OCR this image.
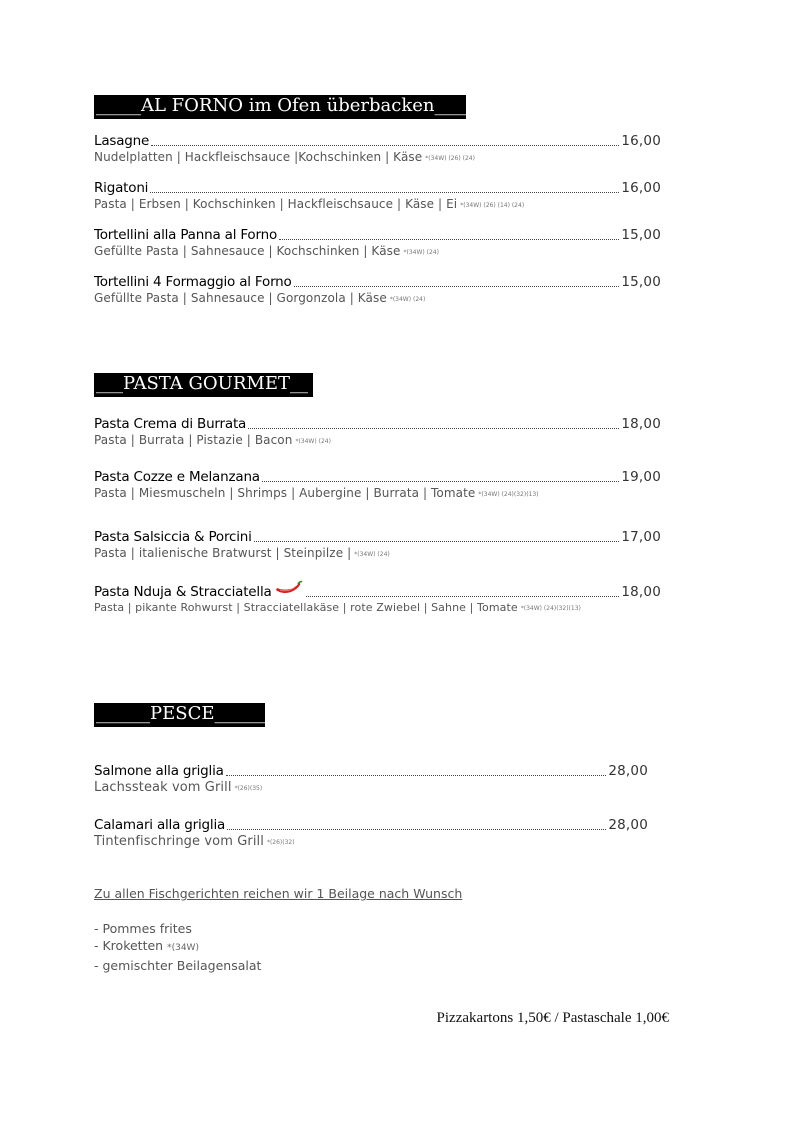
_____AL FORNO im Ofen überbacken____
Lasagne	16,00
Nudelplatten | Hackfleischsauce |Kochschinken | Käse *(34W) (26) (24)
Rigatoni	16,00
Pasta | Erbsen | Kochschinken | Hackfleischsauce | Käse | Ei *(34W) (26) (14) (24)
Tortellini alla Panna al Forno	15,00
Gefüllte Pasta | Sahnesauce | Kochschinken | Käse *(34W) (24)
Tortellini 4 Formaggio al Forno	15,00
Gefüllte Pasta | Sahnesauce | Gorgonzola | Käse *(34W) (24)
___PASTA GOURMET__
Pasta Crema di Burrata	18,00
Pasta | Burrata | Pistazie | Bacon *(34W) (24)
Pasta Cozze e Melanzana	19,00
Pasta | Miesmuscheln | Shrimps | Aubergine | Burrata | Tomate *(34W) (24)(32)(13)
Pasta Salsiccia & Porcini	17,00
Pasta | italienische Bratwurst | Steinpilze | *(34W) (24)
Pasta Nduja & Stracciatella	18,00
Pasta | pikante Rohwurst | Stracciatellakäse | rote Zwiebel | Sahne | Tomate *(34W) (24)(32)(13)
______PESCE______
Salmone alla griglia	28,00
Lachssteak vom Grill *(26)(35)
Calamari alla griglia	28,00
Tintenfischringe vom Grill *(26)(32)
Zu allen Fischgerichten reichen wir 1 Beilage nach Wunsch
- Pommes frites
- Kroketten *(34W)
- gemischter Beilagensalat
Pizzakartons 1,50€ / Pastaschale 1,00€
